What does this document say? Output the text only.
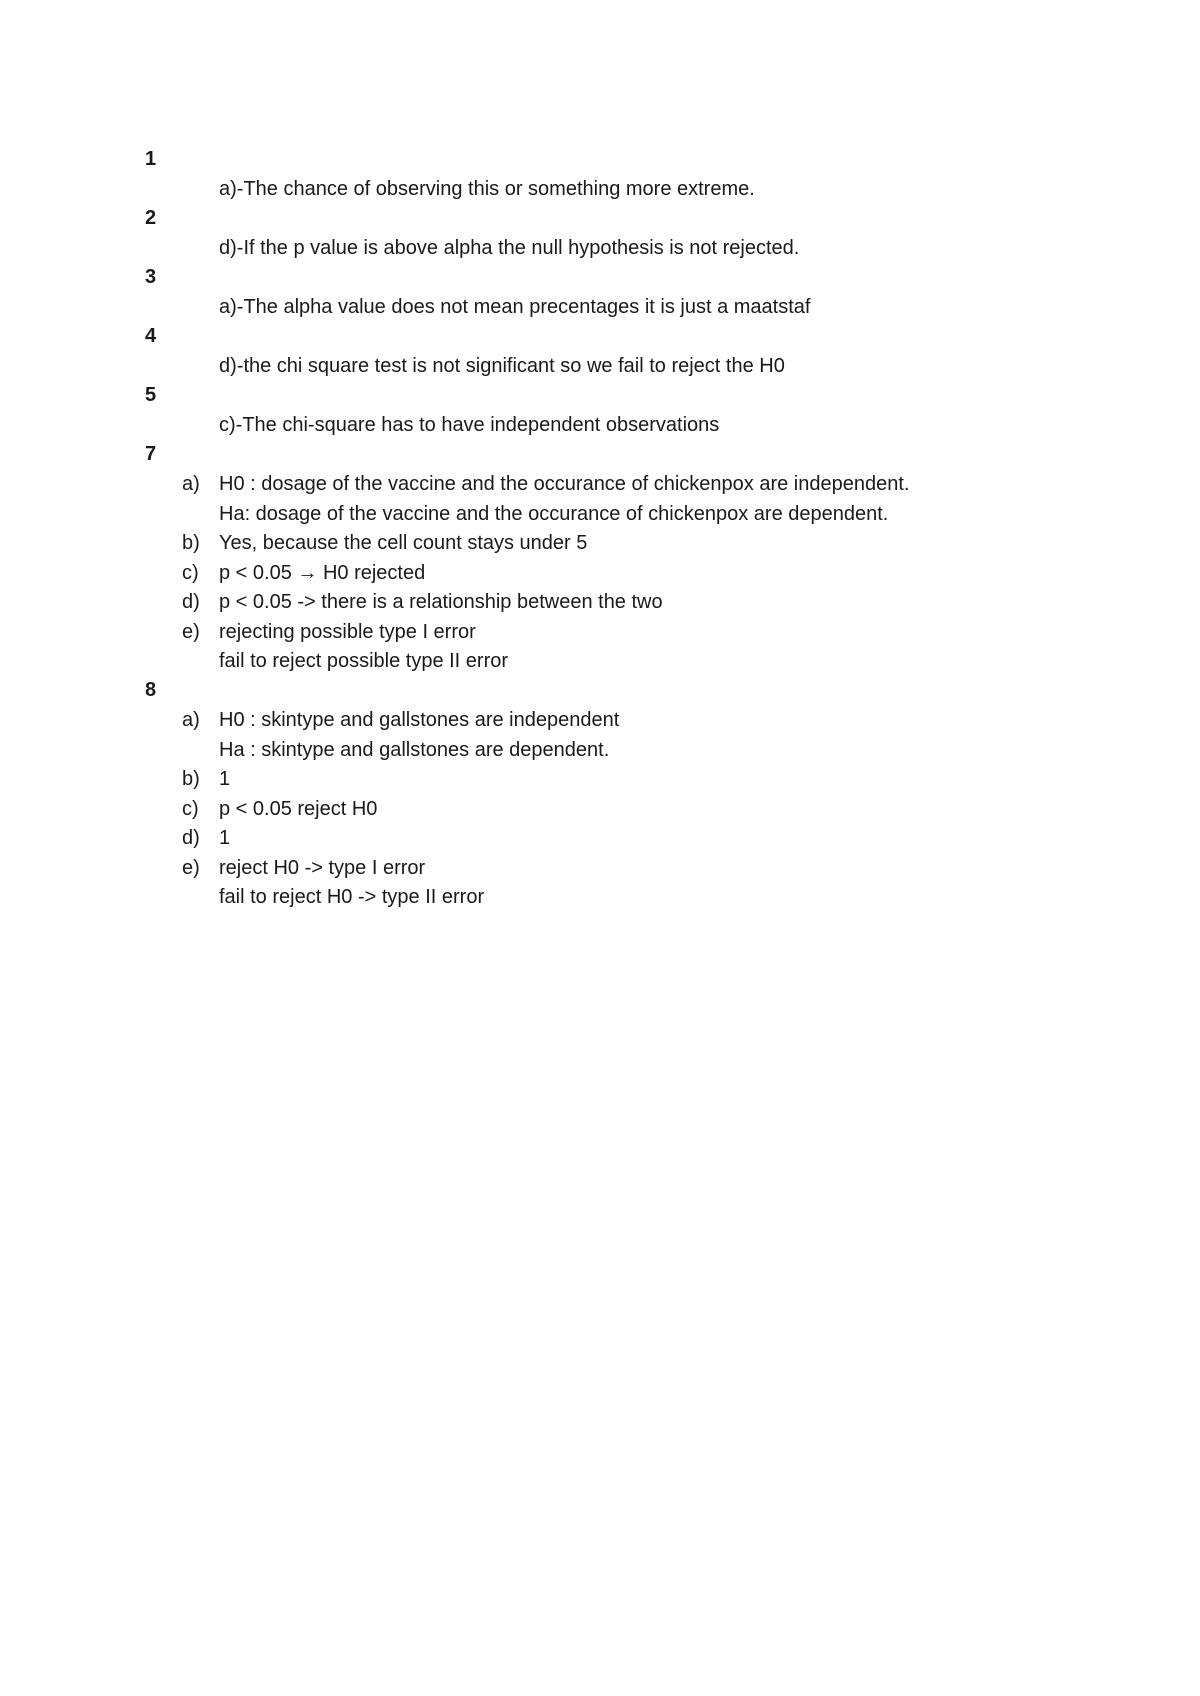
1
a)-The chance of observing this or something more extreme.
2
d)-If the p value is above alpha the null hypothesis is not rejected.
3
a)-The alpha value does not mean precentages it is just a maatstaf
4
d)-the chi square test is not significant so we fail to reject the H0
5
c)-The chi-square has to have independent observations
7
a) H0 : dosage of the vaccine and the occurance of chickenpox are independent.
Ha: dosage of the vaccine and the occurance of chickenpox are dependent.
b) Yes, because the cell count stays under 5
c) p < 0.05 → H0 rejected
d) p < 0.05 -> there is a relationship between the two
e) rejecting possible type I error
fail to reject possible type II error
8
a) H0 : skintype and gallstones are independent
Ha : skintype and gallstones are dependent.
b) 1
c) p < 0.05 reject H0
d) 1
e) reject H0 -> type I error
fail to reject H0 -> type II error
